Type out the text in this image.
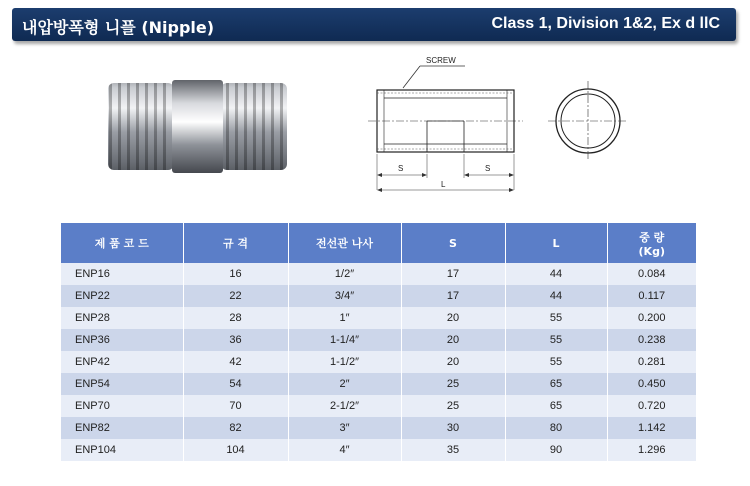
내압방폭형 니플 (Nipple)	Class 1, Division 1&2, Ex d llC
SCREW
S	S
L
제 품 코 드	규 격	전선관 나사	S	L	중 량
(Kg)

ENP16	16	1/2″	17	44	0.084
ENP22	22	3/4″	17	44	0.117
ENP28	28	1″	20	55	0.200
ENP36	36	1-1/4″	20	55	0.238
ENP42	42	1-1/2″	20	55	0.281
ENP54	54	2″	25	65	0.450
ENP70	70	2-1/2″	25	65	0.720
ENP82	82	3″	30	80	1.142
ENP104	104	4″	35	90	1.296
